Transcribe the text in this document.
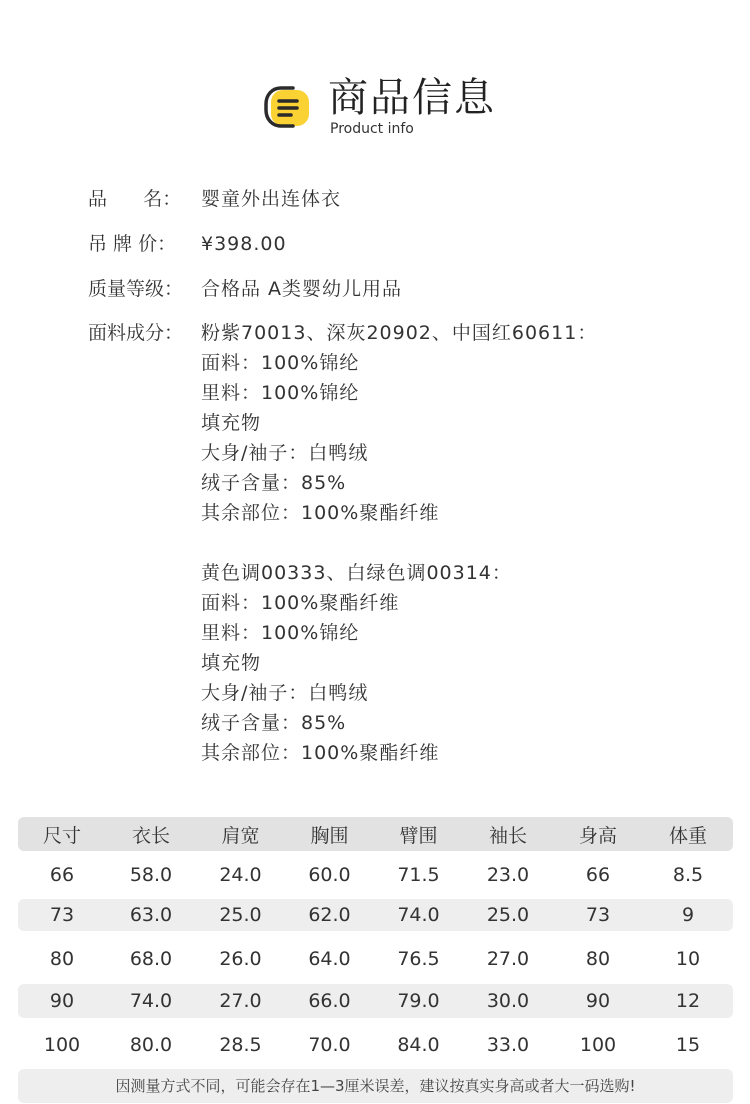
商品信息
Product info
品      名： 婴童外出连体衣
吊 牌 价： ¥398.00
质量等级： 合格品 A类婴幼儿用品
面料成分： 粉紫70013、深灰20902、中国红60611：
面料：100%锦纶
里料：100%锦纶
填充物
大身/袖子：白鸭绒
绒子含量：85%
其余部位：100%聚酯纤维
黄色调00333、白绿色调00314：
面料：100%聚酯纤维
里料：100%锦纶
填充物
大身/袖子：白鸭绒
绒子含量：85%
其余部位：100%聚酯纤维
尺寸	衣长	肩宽	胸围	臂围	袖长	身高	体重
66	58.0	24.0	60.0	71.5	23.0	66	8.5
73	63.0	25.0	62.0	74.0	25.0	73	9
80	68.0	26.0	64.0	76.5	27.0	80	10
90	74.0	27.0	66.0	79.0	30.0	90	12
100	80.0	28.5	70.0	84.0	33.0	100	15
因测量方式不同，可能会存在1—3厘米误差，建议按真实身高或者大一码选购!
